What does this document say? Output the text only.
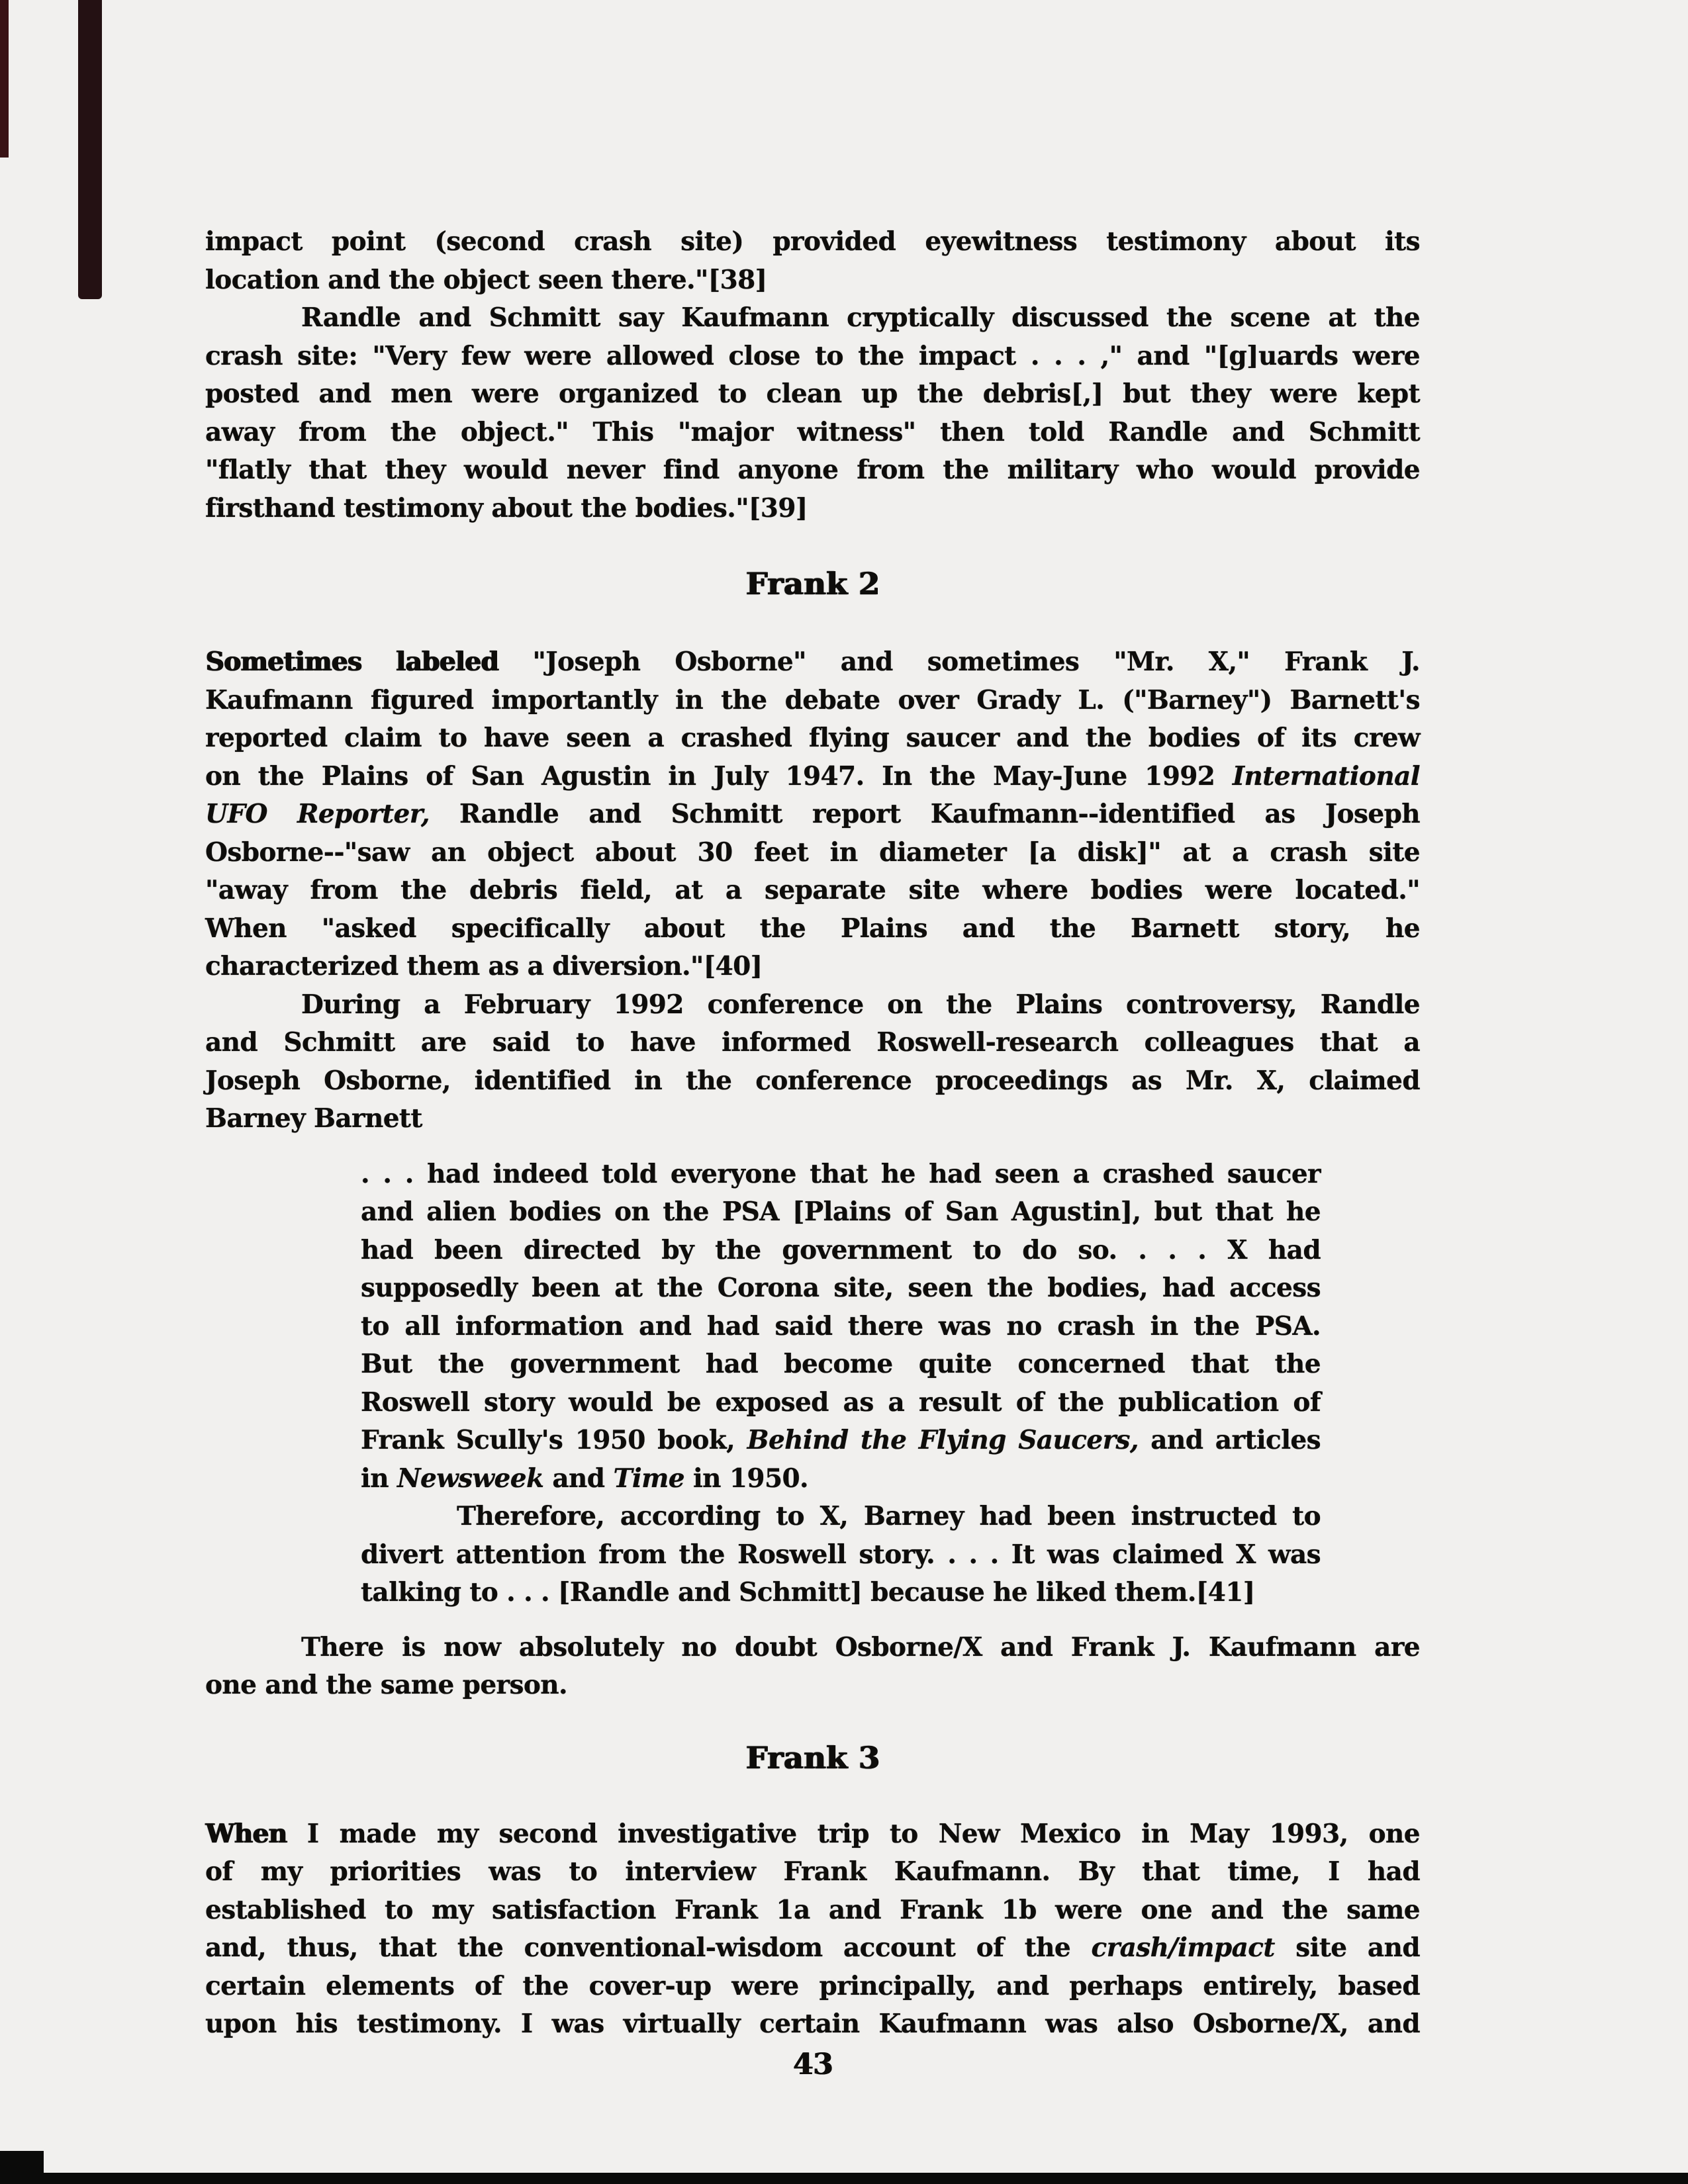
impact point (second crash site) provided eyewitness testimony about its
location and the object seen there."[38]
Randle and Schmitt say Kaufmann cryptically discussed the scene at the
crash site: "Very few were allowed close to the impact . . . ," and "[g]uards were
posted and men were organized to clean up the debris[,] but they were kept
away from the object." This "major witness" then told Randle and Schmitt
"flatly that they would never find anyone from the military who would provide
firsthand testimony about the bodies."[39]
Frank 2
Sometimes labeled "Joseph Osborne" and sometimes "Mr. X," Frank J.
Kaufmann figured importantly in the debate over Grady L. ("Barney") Barnett's
reported claim to have seen a crashed flying saucer and the bodies of its crew
on the Plains of San Agustin in July 1947. In the May-June 1992 International
UFO Reporter, Randle and Schmitt report Kaufmann--identified as Joseph
Osborne--"saw an object about 30 feet in diameter [a disk]" at a crash site
"away from the debris field, at a separate site where bodies were located."
When "asked specifically about the Plains and the Barnett story, he
characterized them as a diversion."[40]
During a February 1992 conference on the Plains controversy, Randle
and Schmitt are said to have informed Roswell-research colleagues that a
Joseph Osborne, identified in the conference proceedings as Mr. X, claimed
Barney Barnett
. . . had indeed told everyone that he had seen a crashed saucer
and alien bodies on the PSA [Plains of San Agustin], but that he
had been directed by the government to do so. . . . X had
supposedly been at the Corona site, seen the bodies, had access
to all information and had said there was no crash in the PSA.
But the government had become quite concerned that the
Roswell story would be exposed as a result of the publication of
Frank Scully's 1950 book, Behind the Flying Saucers, and articles
in Newsweek and Time in 1950.
Therefore, according to X, Barney had been instructed to
divert attention from the Roswell story. . . . It was claimed X was
talking to . . . [Randle and Schmitt] because he liked them.[41]
There is now absolutely no doubt Osborne/X and Frank J. Kaufmann are
one and the same person.
Frank 3
When I made my second investigative trip to New Mexico in May 1993, one
of my priorities was to interview Frank Kaufmann. By that time, I had
established to my satisfaction Frank 1a and Frank 1b were one and the same
and, thus, that the conventional-wisdom account of the crash/impact site and
certain elements of the cover-up were principally, and perhaps entirely, based
upon his testimony. I was virtually certain Kaufmann was also Osborne/X, and
43
